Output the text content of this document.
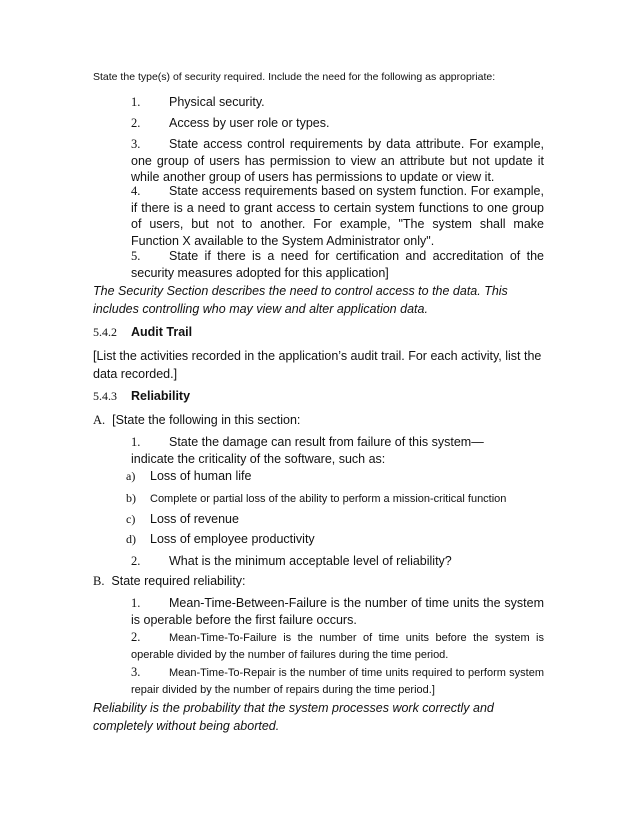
State the type(s) of security required. Include the need for the following as appropriate:
1. Physical security.
2. Access by user role or types.
3. State access control requirements by data attribute. For example, one group of users has permission to view an attribute but not update it while another group of users has permissions to update or view it.
4. State access requirements based on system function. For example, if there is a need to grant access to certain system functions to one group of users, but not to another. For example, "The system shall make Function X available to the System Administrator only".
5. State if there is a need for certification and accreditation of the security measures adopted for this application]
The Security Section describes the need to control access to the data. This includes controlling who may view and alter application data.
5.4.2 Audit Trail
[List the activities recorded in the application’s audit trail. For each activity, list the data recorded.]
5.4.3 Reliability
A. [State the following in this section:
1. State the damage can result from failure of this system— indicate the criticality of the software, such as:
a) Loss of human life
b) Complete or partial loss of the ability to perform a mission-critical function
c) Loss of revenue
d) Loss of employee productivity
2. What is the minimum acceptable level of reliability?
B. State required reliability:
1. Mean-Time-Between-Failure is the number of time units the system is operable before the first failure occurs.
2.	Mean-Time-To-Failure is the number of time units before the system is operable divided by the number of failures during the time period.
3.	Mean-Time-To-Repair is the number of time units required to perform system repair divided by the number of repairs during the time period.]
Reliability is the probability that the system processes work correctly and completely without being aborted.
